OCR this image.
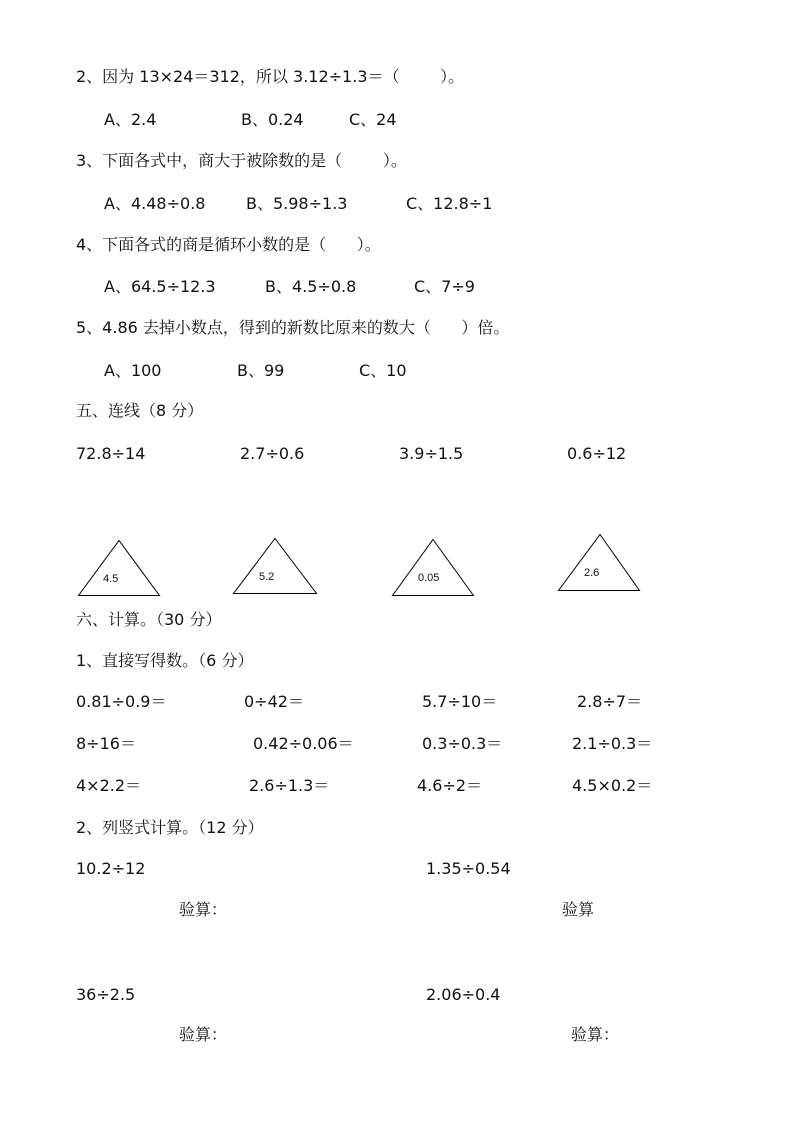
2、因为 13×24＝312，所以 3.12÷1.3＝（        ）。
A、2.4	B、0.24	C、24
3、下面各式中，商大于被除数的是（        ）。
A、4.48÷0.8	B、5.98÷1.3	C、12.8÷1
4、下面各式的商是循环小数的是（      ）。
A、64.5÷12.3	B、4.5÷0.8	C、7÷9
5、4.86 去掉小数点，得到的新数比原来的数大（      ）倍。
A、100	B、99	C、10
五、连线（8 分）
72.8÷14	2.7÷0.6	3.9÷1.5	0.6÷12
4.5	5.2	0.05	2.6
六、计算。（30 分）
1、直接写得数。（6 分）
0.81÷0.9＝	0÷42＝	5.7÷10＝	2.8÷7＝
8÷16＝	0.42÷0.06＝	0.3÷0.3＝	2.1÷0.3＝
4×2.2＝	2.6÷1.3＝	4.6÷2＝	4.5×0.2＝
2、列竖式计算。（12 分）
10.2÷12	1.35÷0.54
验算：	验算
36÷2.5	2.06÷0.4
验算：	验算：
